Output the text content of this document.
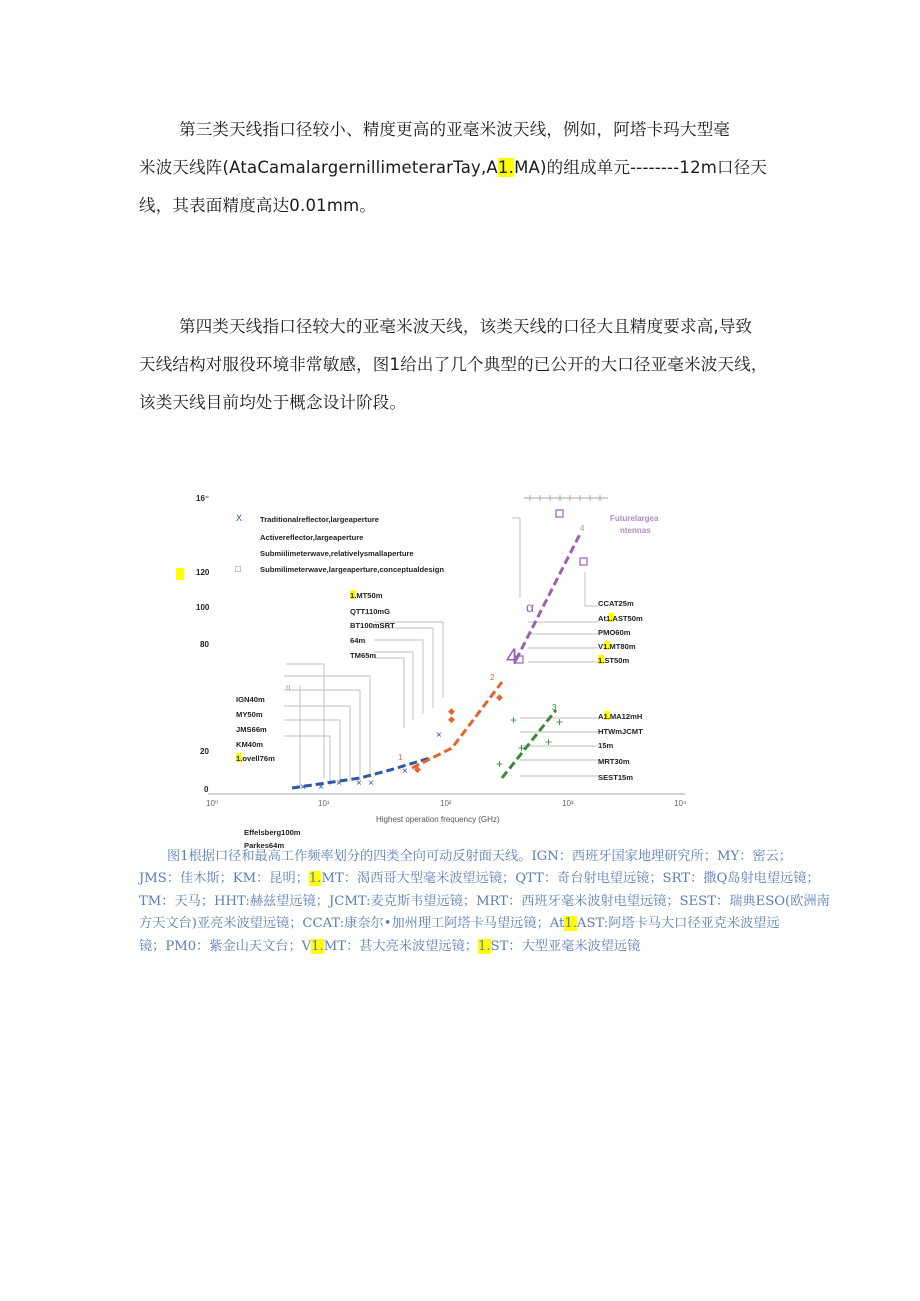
第三类天线指口径较小、精度更高的亚毫米波天线，例如，阿塔卡玛大型毫
米波天线阵(AtaCamalargernillimeterarTay,A1.MA)的组成单元--------12m口径天
线，其表面精度高达0.01mm。
第四类天线指口径较大的亚毫米波天线，该类天线的口径大且精度要求高,导致
天线结构对服役环境非常敏感，图1给出了几个典型的已公开的大口径亚毫米波天线，
该类天线目前均处于概念设计阶段。
16⁻
120
100
80
20
0
10⁰	10¹	10²	10³	10⁴
Highest operation frequency (GHz)
X Traditionalreflector,largeaperture
Activereflector,largeaperture
Submiilimeterwave,relativelysmallaperture
□ Submilimeterwave,largeaperture,conceptualdesign
Futurelargea
ntennas
n
1
× × × × ×
×
×
2
◆
◆
◆
◆
3
+
+ +
+
+
4
α
4
1.MT50m
QTT110mG
BT100mSRT
64m
TM65m
IGN40m
MY50m
JMS66m
KM40m
1.ovell76m
Effelsberg100m
Parkes64m
CCAT25m
At1.AST50m
PMO60m
V1.MT80m
1.ST50m
A1.MA12mH
HTWmJCMT
15m
MRT30m
SEST15m
图1根据口径和最高工作频率划分的四类全向可动反射面天线。IGN：西班牙国家地理研究所；MY：密云；
JMS：佳木斯；KM：昆明；1.MT：渴西哥大型毫米波望远镜；QTT：奇台射电望远镜；SRT：撒Q岛射电望远镜；
TM：天马；HHT:赫兹望远镜；JCMT:麦克斯韦望远镜；MRT：西班牙毫米波射电望远镜；SEST：瑞典ESO(欧洲南
方天文台)亚亮米波望远镜；CCAT:康奈尔•加州理工阿塔卡马望远镜；At1.AST:阿塔卡马大口径亚克米波望远
镜；PM0：紫金山天文台；V1.MT：甚大亮米波望远镜；1.ST：大型亚毫米波望远镜
